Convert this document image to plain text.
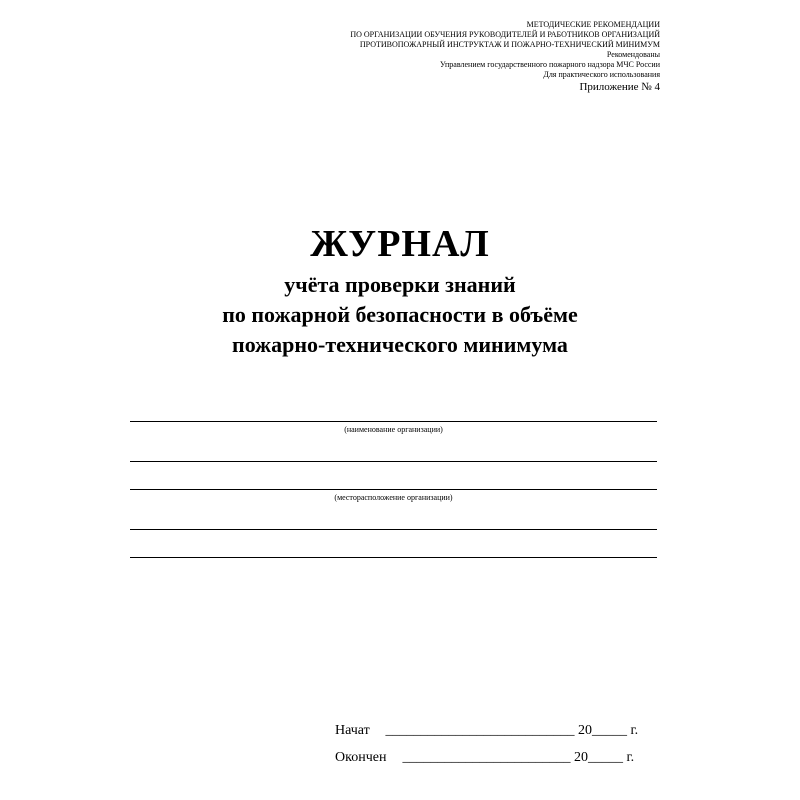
МЕТОДИЧЕСКИЕ РЕКОМЕНДАЦИИ
ПО ОРГАНИЗАЦИИ ОБУЧЕНИЯ РУКОВОДИТЕЛЕЙ И РАБОТНИКОВ ОРГАНИЗАЦИЙ
ПРОТИВОПОЖАРНЫЙ ИНСТРУКТАЖ И ПОЖАРНО-ТЕХНИЧЕСКИЙ МИНИМУМ
Рекомендованы
Управлением государственного пожарного надзора МЧС России
Для практического использования
Приложение № 4
ЖУРНАЛ
учёта проверки знаний
по пожарной безопасности в объёме
пожарно-технического минимума
(наименование организации)
(месторасположение организации)
Начат ___________________________ 20_____ г.
Окончен ________________________ 20_____ г.
